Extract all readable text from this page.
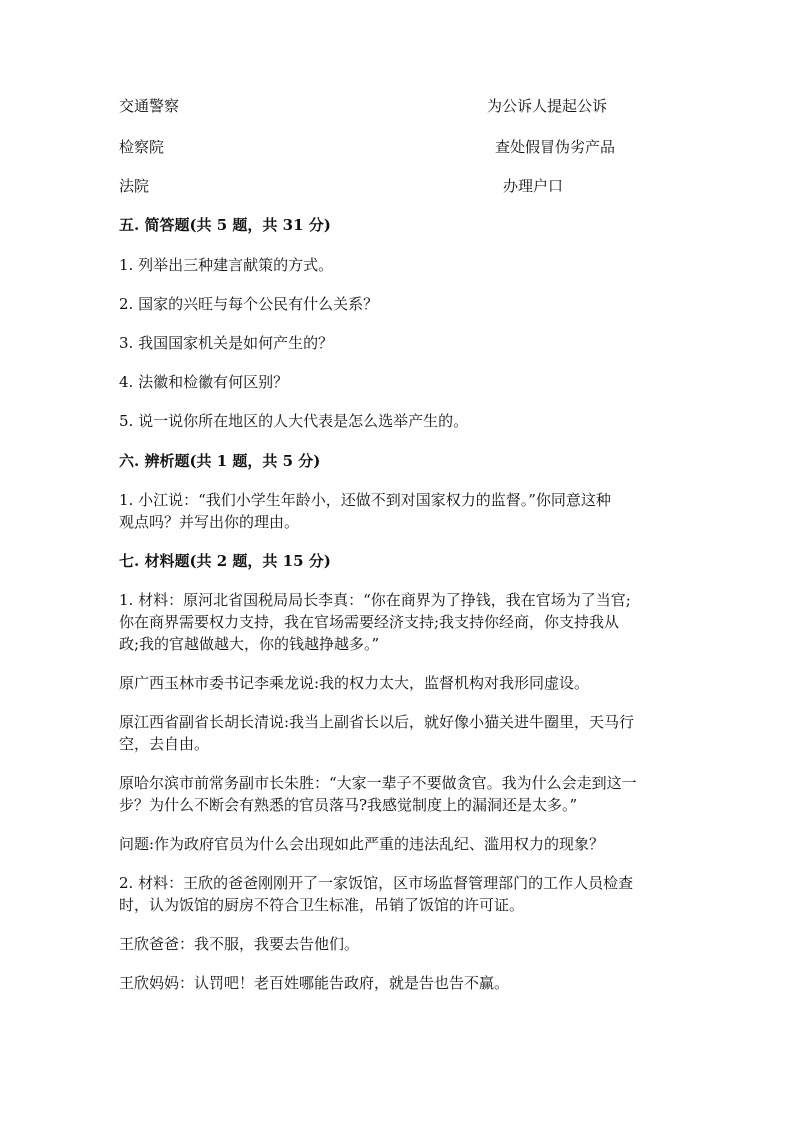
交通警察	为公诉人提起公诉
检察院	查处假冒伪劣产品
法院	办理户口
五. 简答题(共 5 题，共 31 分)
1. 列举出三种建言献策的方式。
2. 国家的兴旺与每个公民有什么关系？
3. 我国国家机关是如何产生的？
4. 法徽和检徽有何区别？
5. 说一说你所在地区的人大代表是怎么选举产生的。
六. 辨析题(共 1 题，共 5 分)
1. 小江说：“我们小学生年龄小，还做不到对国家权力的监督。”你同意这种
观点吗？并写出你的理由。
七. 材料题(共 2 题，共 15 分)
1. 材料：原河北省国税局局长李真：“你在商界为了挣钱，我在官场为了当官;
你在商界需要权力支持，我在官场需要经济支持;我支持你经商，你支持我从
政;我的官越做越大，你的钱越挣越多。”
原广西玉林市委书记李乘龙说:我的权力太大，监督机构对我形同虚设。
原江西省副省长胡长清说:我当上副省长以后，就好像小猫关进牛圈里，天马行
空，去自由。
原哈尔滨市前常务副市长朱胜：“大家一辈子不要做贪官。我为什么会走到这一
步？为什么不断会有熟悉的官员落马?我感觉制度上的漏洞还是太多。”
问题:作为政府官员为什么会出现如此严重的违法乱纪、滥用权力的现象？
2. 材料：王欣的爸爸刚刚开了一家饭馆，区市场监督管理部门的工作人员检查
时，认为饭馆的厨房不符合卫生标准，吊销了饭馆的许可证。
王欣爸爸：我不服，我要去告他们。
王欣妈妈：认罚吧！老百姓哪能告政府，就是告也告不赢。
